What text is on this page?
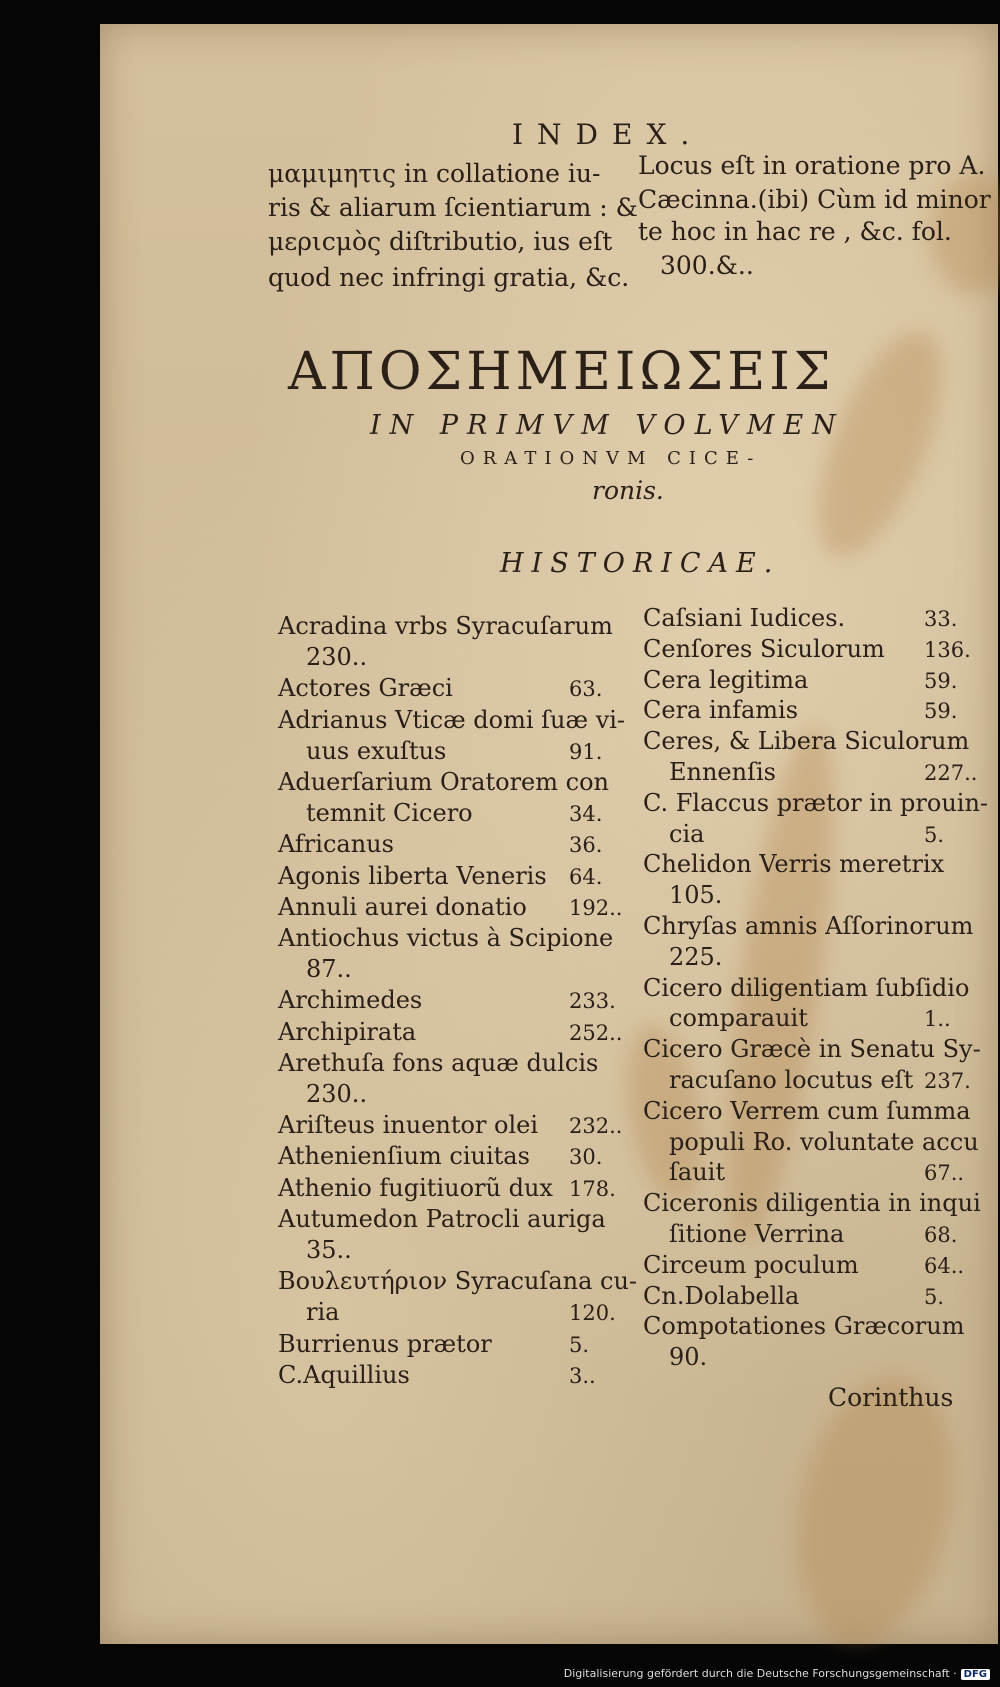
INDEX.
μαμιμητις in collatione iu-
ris & aliarum ſcientiarum : &
μεριϲμὸς diſtributio, ius eſt
quod nec infringi gratia, &c.
Locus eſt in oratione pro A.
Cæcinna.(ibi) Cùm id minor
te hoc in hac re , &c. fol.
300.&..
ΑΠΟΣΗΜΕΙΩΣΕΙΣ
IN PRIMVM VOLVMEN
ORATIONVM CICE-
ronis.
HISTORICAE.
Acradina vrbs Syracuſarum
230..
Actores Græci	63.
Adrianus Vticæ domi ſuæ vi-
uus exuſtus	91.
Aduerſarium Oratorem con
temnit Cicero	34.
Africanus	36.
Agonis liberta Veneris 64.
Annuli aurei donatio 192..
Antiochus victus à Scipione
87..
Archimedes	233.
Archipirata	252..
Arethuſa fons aquæ dulcis
230..
Ariſteus inuentor olei 232..
Athenienſium ciuitas 30.
Athenio fugitiuorũ dux 178.
Autumedon Patrocli auriga
35..
Βουλευτήριον Syracuſana cu-
ria	120.
Burrienus prætor	5.
C.Aquillius	3..
Caſsiani Iudices.	33.
Cenſores Siculorum 136.
Cera legitima	59.
Cera infamis	59.
Ceres, & Libera Siculorum
Ennenſis	227..
C. Flaccus prætor in prouin-
cia	5.
Chelidon Verris meretrix
105.
Chryſas amnis Aſſorinorum
225.
Cicero diligentiam ſubſidio
comparauit	1..
Cicero Græcè in Senatu Sy-
racuſano locutus eſt 237.
Cicero Verrem cum ſumma
populi Ro. voluntate accu
ſauit	67..
Ciceronis diligentia in inqui
ſitione Verrina	68.
Circeum poculum	64..
Cn.Dolabella	5.
Compotationes Græcorum
90.
Corinthus
Digitalisierung gefördert durch die Deutsche Forschungsgemeinschaft · DFG
